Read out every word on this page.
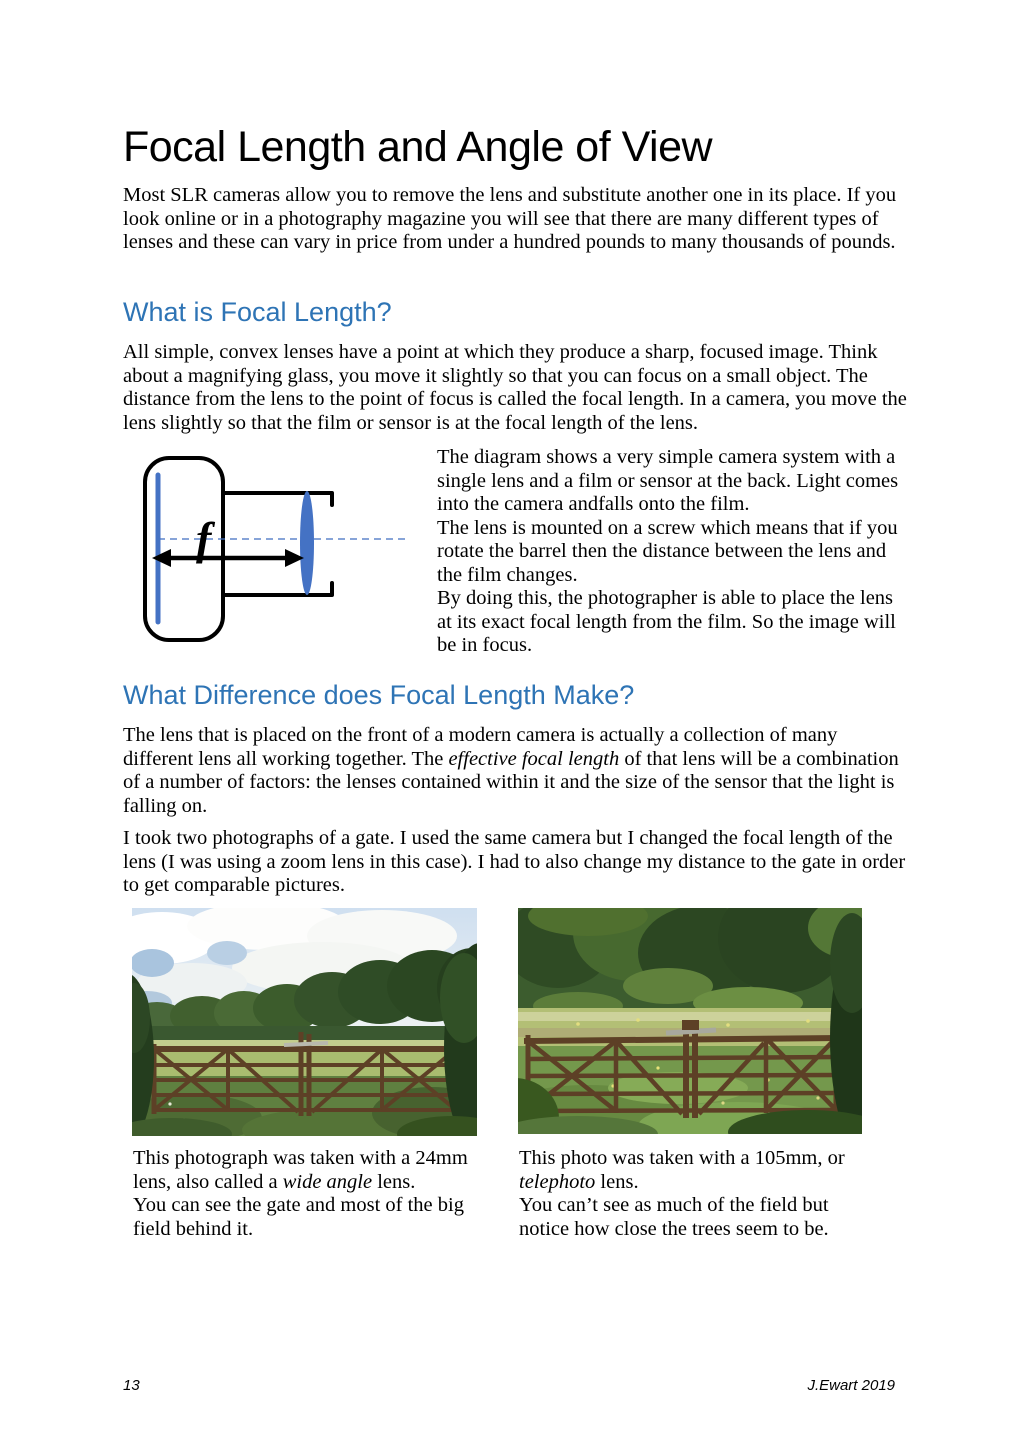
Focal Length and Angle of View
Most SLR cameras allow you to remove the lens and substitute another one in its place. If you look online or in a photography magazine you will see that there are many different types of lenses and these can vary in price from under a hundred pounds to many thousands of pounds.
What is Focal Length?
All simple, convex lenses have a point at which they produce a sharp, focused image. Think about a magnifying glass, you move it slightly so that you can focus on a small object. The distance from the lens to the point of focus is called the focal length. In a camera, you move the lens slightly so that the film or sensor is at the focal length of the lens.
f
The diagram shows a very simple camera system with a single lens and a film or sensor at the back. Light comes into the camera andfalls onto the film.
The lens is mounted on a screw which means that if you rotate the barrel then the distance between the lens and the film changes.
By doing this, the photographer is able to place the lens at its exact focal length from the film. So the image will be in focus.
What Difference does Focal Length Make?
The lens that is placed on the front of a modern camera is actually a collection of many different lens all working together. The effective focal length of that lens will be a combination of a number of factors: the lenses contained within it and the size of the sensor that the light is falling on.
I took two photographs of a gate. I used the same camera but I changed the focal length of the lens (I was using a zoom lens in this case). I had to also change my distance to the gate in order to get comparable pictures.
This photograph was taken with a 24mm lens, also called a wide angle lens.
You can see the gate and most of the big field behind it.
This photo was taken with a 105mm, or telephoto lens.
You can’t see as much of the field but notice how close the trees seem to be.
13	J.Ewart 2019
